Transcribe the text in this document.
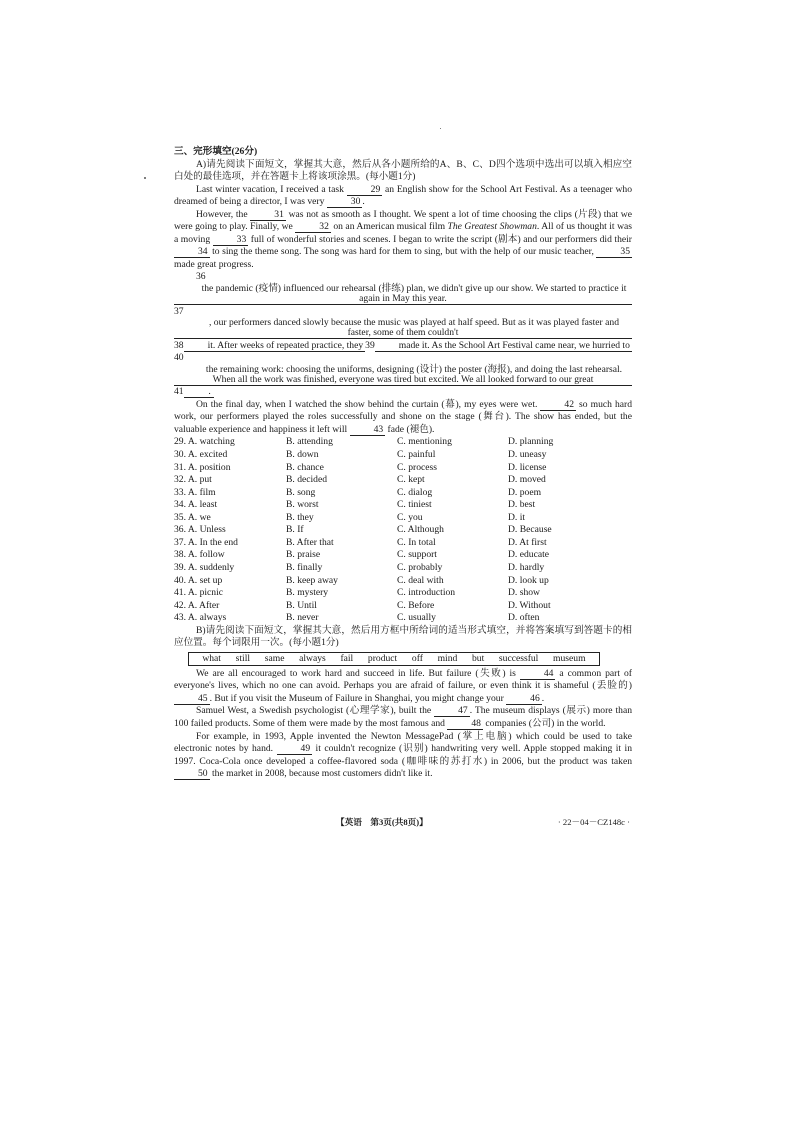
三、完形填空(26分)

A)请先阅读下面短文，掌握其大意，然后从各小题所给的A、B、C、D四个选项中选出可以填入相应空白处的最佳选项，并在答题卡上将该项涂黑。(每小题1分)

Last winter vacation, I received a task	29 an English show for the School Art Festival. As a teenager who dreamed of being a director, I was very	30 .

However, the	31 was not as smooth as I thought. We spent a lot of time choosing the clips (片段) that we were going to play. Finally, we	32 on an American musical film The Greatest Showman. All of us thought it was a moving	33 full of wonderful stories and scenes. I began to write the script (剧本) and our performers did their 34 to sing the theme song. The song was hard for them to sing, but with the help of our music teacher,	35 made great progress.

36the pandemic (疫情) influenced our rehearsal (排练) plan, we didn't give up our show. We started to practice it again in May this year.37, our performers danced slowly because the music was played at half speed. But as it was played faster and faster, some of them couldn't38	it. After weeks of repeated practice, they39	made it. As the School Art Festival came near, we hurried to40the remaining work: choosing the uniforms, designing (设计) the poster (海报), and doing the last rehearsal. When all the work was finished, everyone was tired but excited. We all looked forward to our great41	.

On the final day, when I watched the show behind the curtain (幕), my eyes were wet.	42 so much hard work, our performers played the roles successfully and shone on the stage (舞台). The show has ended, but the valuable experience and happiness it left will	43 fade (褪色).

29. A. watching	B. attending	C. mentioning	D. planning
30. A. excited	B. down	C. painful	D. uneasy
31. A. position	B. chance	C. process	D. license
32. A. put	B. decided	C. kept	D. moved
33. A. film	B. song	C. dialog	D. poem
34. A. least	B. worst	C. tiniest	D. best
35. A. we	B. they	C. you	D. it
36. A. Unless	B. If	C. Although	D. Because
37. A. In the end	B. After that	C. In total	D. At first
38. A. follow	B. praise	C. support	D. educate
39. A. suddenly	B. finally	C. probably	D. hardly
40. A. set up	B. keep away	C. deal with	D. look up
41. A. picnic	B. mystery	C. introduction	D. show
42. A. After	B. Until	C. Before	D. Without
43. A. always	B. never	C. usually	D. often

B)请先阅读下面短文，掌握其大意，然后用方框中所给词的适当形式填空，并将答案填写到答题卡的相应位置。每个词限用一次。(每小题1分)

what still same always fail product off mind but successful museum

We are all encouraged to work hard and succeed in life. But failure (失败) is	44 a common part of everyone's lives, which no one can avoid. Perhaps you are afraid of failure, or even think it is shameful (丢脸的) 45 . But if you visit the Museum of Failure in Shanghai, you might change your	46 .

Samuel West, a Swedish psychologist (心理学家), built the	47 . The museum displays (展示) more than 100 failed products. Some of them were made by the most famous and	48 companies (公司) in the world.

For example, in 1993, Apple invented the Newton MessagePad (掌上电脑) which could be used to take electronic notes by hand.	49 it couldn't recognize (识别) handwriting very well. Apple stopped making it in 1997. Coca-Cola once developed a coffee-flavored soda (咖啡味的苏打水) in 2006, but the product was taken 50 the market in 2008, because most customers didn't like it.

【英语　第3页(共8页)】	· 22－04－CZ148c ·
